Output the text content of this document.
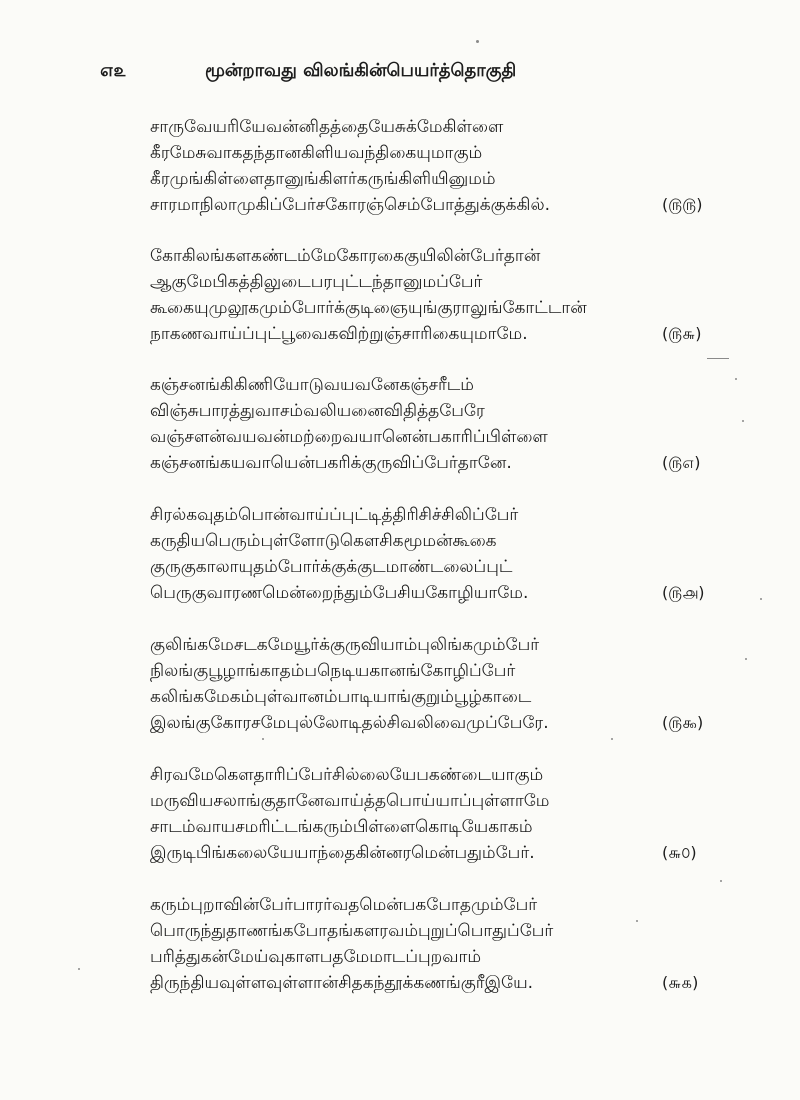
௭௨	மூன்றாவது விலங்கின்பெயர்த்தொகுதி
சாருவேயரியேவன்னிதத்தையேசுக்மேகிள்ளை
கீரமேசுவாகதந்தானகிளியவந்திகையுமாகும்
கீரமுங்கிள்ளைதானுங்கிளர்கருங்கிளியினுமம்
சாரமாநிலாமுகிப்பேர்சகோரஞ்செம்போத்துக்குக்கில்.	(௫௫)
கோகிலங்களகண்டம்மேகோரகைகுயிலின்பேர்தான்
ஆகுமேபிகத்திலுடைபரபுட்டந்தானுமப்பேர்
கூகையுமுலூகமும்போர்க்குடிஞையுங்குராலுங்கோட்டான்
நாகணவாய்ப்புட்பூவைகவிற்றுஞ்சாரிகையுமாமே.	(௫௬)
கஞ்சனங்கிகிணியோடுவயவனேகஞ்சரீடம்
விஞ்சுபாரத்துவாசம்வலியனைவிதித்தபேரே
வஞ்சளன்வயவன்மற்றைவயானென்பகாரிப்பிள்ளை
கஞ்சனங்கயவாயென்பகரிக்குருவிப்பேர்தானே.	(௫௭)
சிரல்கவுதம்பொன்வாய்ப்புட்டித்திரிசிச்சிலிப்பேர்
கருதியபெரும்புள்ளோடுகௌசிகமூமன்கூகை
குருகுகாலாயுதம்போர்க்குக்குடமாண்டலைப்புட்
பெருகுவாரணமென்றைந்தும்பேசியகோழியாமே.	(௫௮)
குலிங்கமேசடகமேயூர்க்குருவியாம்புலிங்கமும்பேர்
நிலங்குபூழாங்காதம்பநெடியகானங்கோழிப்பேர்
கலிங்கமேகம்புள்வானம்பாடியாங்குறும்பூழ்காடை
இலங்குகோரசமேபுல்லோடிதல்சிவலிவைமுப்பேரே.	(௫௯)
சிரவமேகௌதாரிப்பேர்சில்லையேபகண்டையாகும்
மருவியசலாங்குதானேவாய்த்தபொய்யாப்புள்ளாமே
சாடம்வாயசமரிட்டங்கரும்பிள்ளைகொடியேகாகம்
இருடிபிங்கலையேயாந்தைகின்னரமென்பதும்பேர்.	(௬௦)
கரும்புறாவின்பேர்பாரர்வதமென்பகபோதமும்பேர்
பொருந்துதாணங்கபோதங்களரவம்புறுப்பொதுப்பேர்
பரித்துகன்மேய்வுகாளபதமேமாடப்புறவாம்
திருந்தியவுள்ளவுள்ளான்சிதகந்தூக்கணங்குரீஇயே.	(௬௧)
